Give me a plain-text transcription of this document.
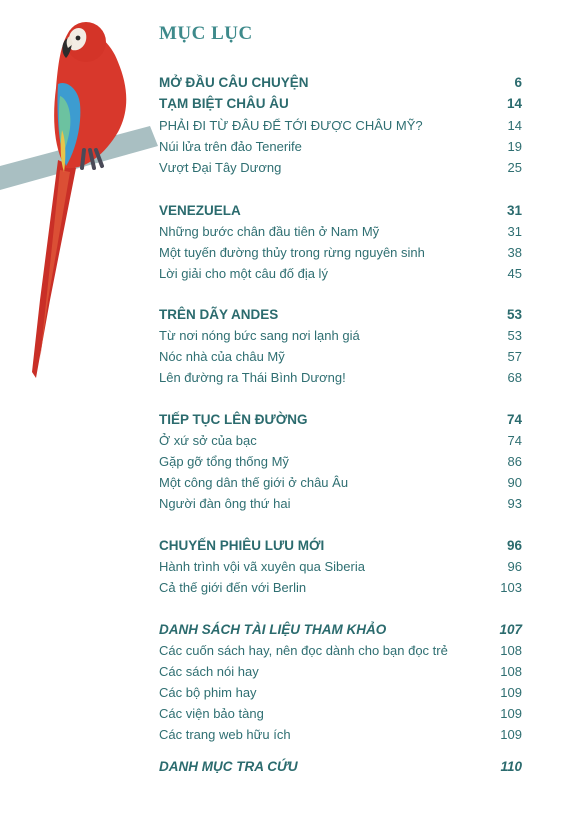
MỤC LỤC
MỞ ĐẦU CÂU CHUYỆN	6
TẠM BIỆT CHÂU ÂU	14
PHẢI ĐI TỪ ĐÂU ĐỂ TỚI ĐƯỢC CHÂU MỸ?	14
Núi lửa trên đảo Tenerife	19
Vượt Đại Tây Dương	25
VENEZUELA	31
Những bước chân đầu tiên ở Nam Mỹ	31
Một tuyến đường thủy trong rừng nguyên sinh	38
Lời giải cho một câu đố địa lý	45
TRÊN DÃY ANDES	53
Từ nơi nóng bức sang nơi lạnh giá	53
Nóc nhà của châu Mỹ	57
Lên đường ra Thái Bình Dương!	68
TIẾP TỤC LÊN ĐƯỜNG	74
Ở xứ sở của bạc	74
Gặp gỡ tổng thống Mỹ	86
Một công dân thế giới ở châu Âu	90
Người đàn ông thứ hai	93
CHUYẾN PHIÊU LƯU MỚI	96
Hành trình vội vã xuyên qua Siberia	96
Cả thế giới đến với Berlin	103
DANH SÁCH TÀI LIỆU THAM KHẢO	107
Các cuốn sách hay, nên đọc dành cho bạn đọc trẻ	108
Các sách nói hay	108
Các bộ phim hay	109
Các viện bảo tàng	109
Các trang web hữu ích	109
DANH MỤC TRA CỨU	110
